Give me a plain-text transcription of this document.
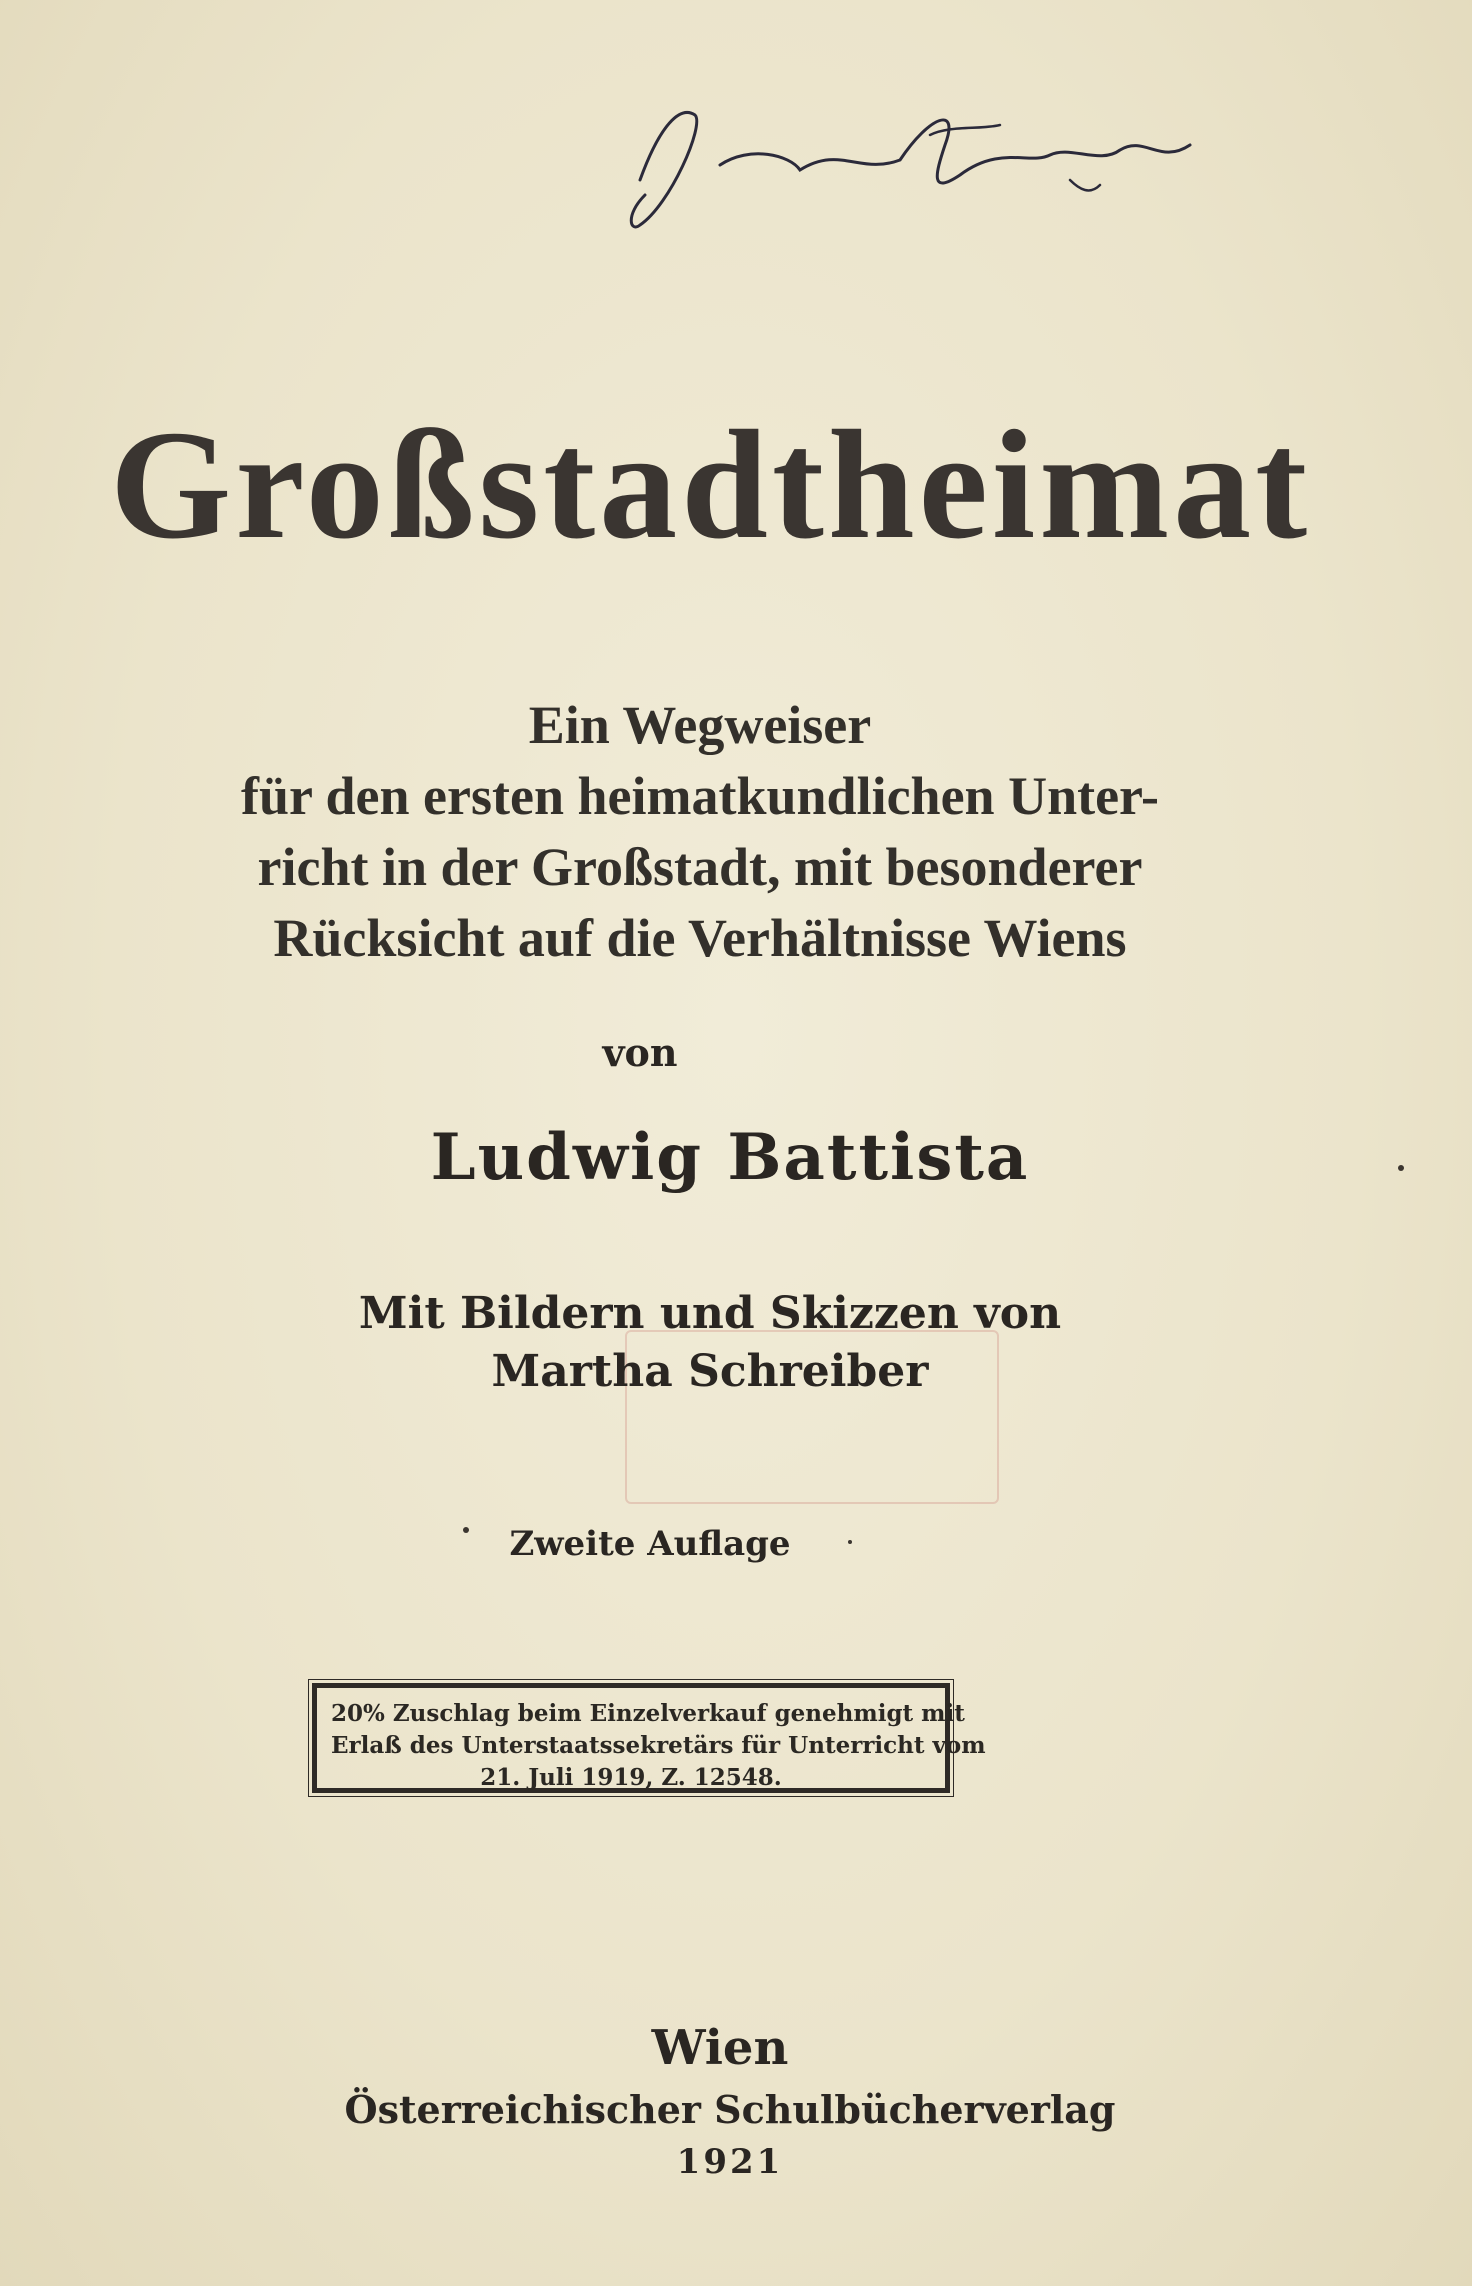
Großstadtheimat
Ein Wegweiser
für den ersten heimatkundlichen Unter-
richt in der Großstadt, mit besonderer
Rücksicht auf die Verhältnisse Wiens
von
Ludwig Battista
Mit Bildern und Skizzen von
Martha Schreiber
Zweite Auflage
20% Zuschlag beim Einzelverkauf genehmigt mit
Erlaß des Unterstaatssekretärs für Unterricht vom
21. Juli 1919, Z. 12548.
Wien
Österreichischer Schulbücherverlag
1921
